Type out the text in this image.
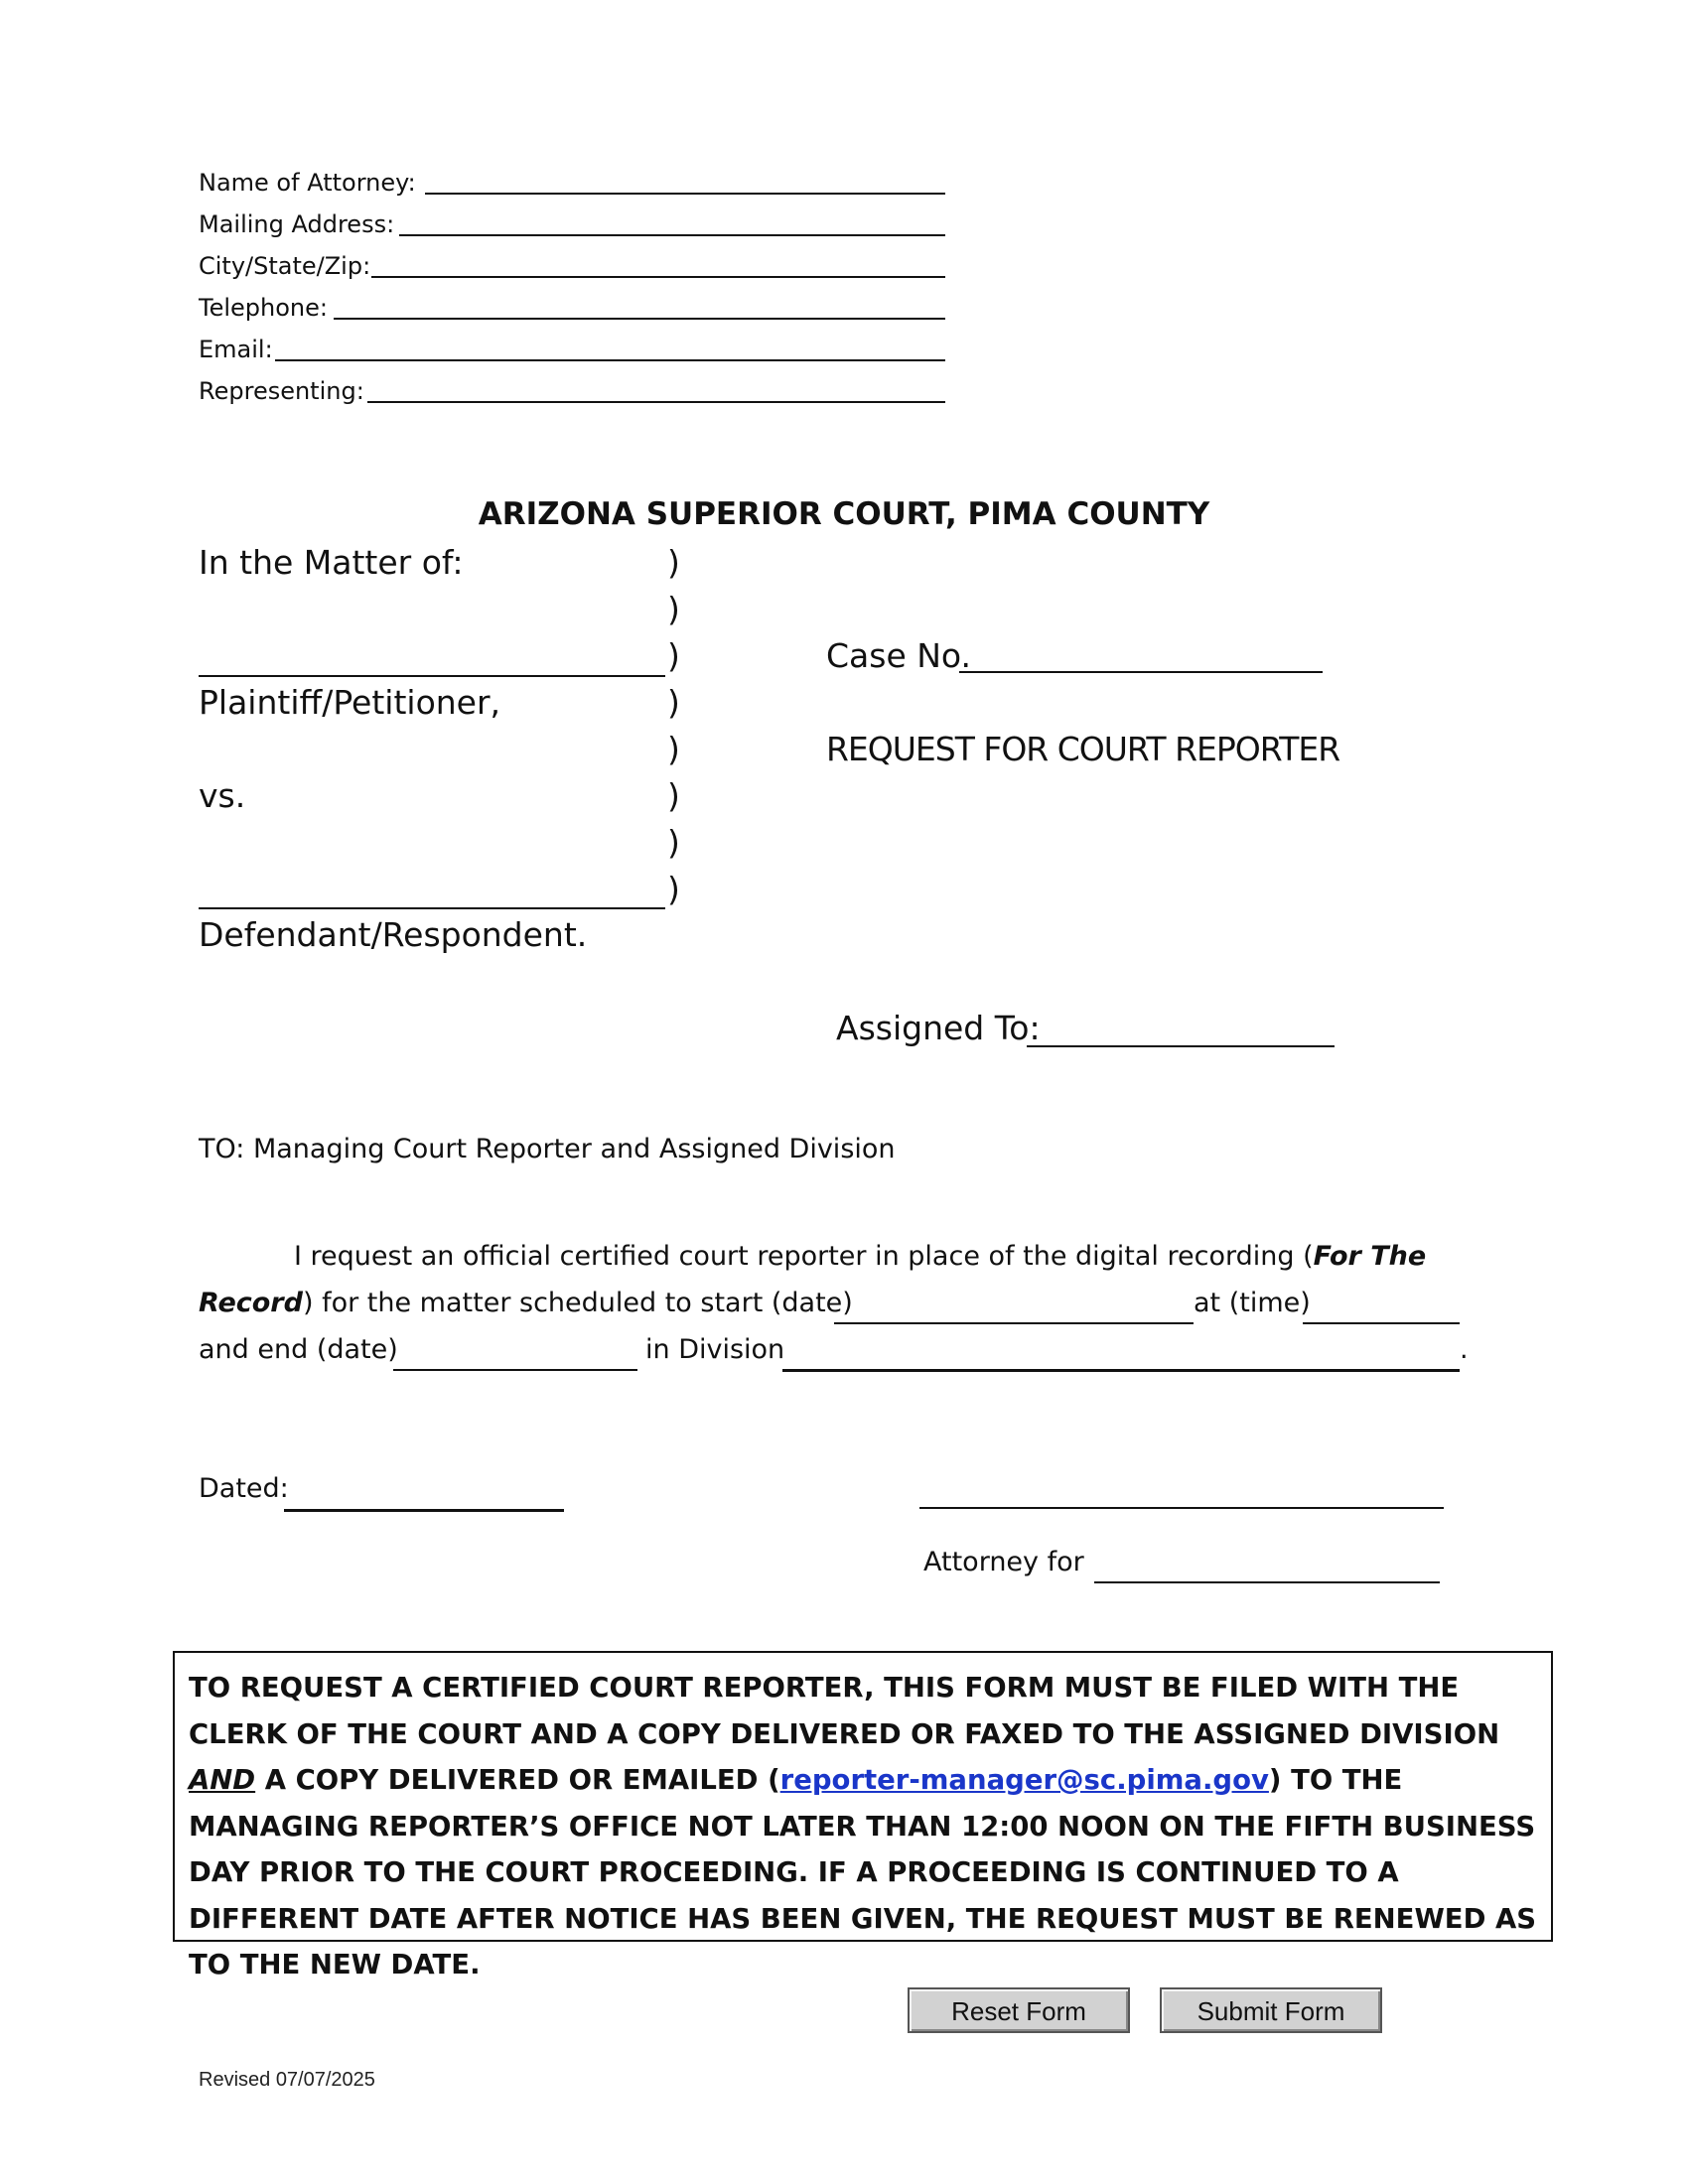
Name of Attorney:
Mailing Address:
City/State/Zip:
Telephone:
Email:
Representing:
ARIZONA SUPERIOR COURT, PIMA COUNTY
In the Matter of:	)
)
)
Plaintiff/Petitioner,	)
)
vs.	)
)
)
Defendant/Respondent.
Case No.
REQUEST FOR COURT REPORTER
Assigned To:
TO: Managing Court Reporter and Assigned Division
I request an official certified court reporter in place of the digital recording (For The
Record) for the matter scheduled to start (date)	at (time)
and end (date)	in Division	.
Dated:
Attorney for
TO REQUEST A CERTIFIED COURT REPORTER, THIS FORM MUST BE FILED WITH THE CLERK OF THE COURT AND A COPY DELIVERED OR FAXED TO THE ASSIGNED DIVISION AND A COPY DELIVERED OR EMAILED (reporter-manager@sc.pima.gov) TO THE MANAGING REPORTER’S OFFICE NOT LATER THAN 12:00 NOON ON THE FIFTH BUSINESS DAY PRIOR TO THE COURT PROCEEDING. IF A PROCEEDING IS CONTINUED TO A DIFFERENT DATE AFTER NOTICE HAS BEEN GIVEN, THE REQUEST MUST BE RENEWED AS TO THE NEW DATE.
Reset Form	Submit Form
Revised 07/07/2025
